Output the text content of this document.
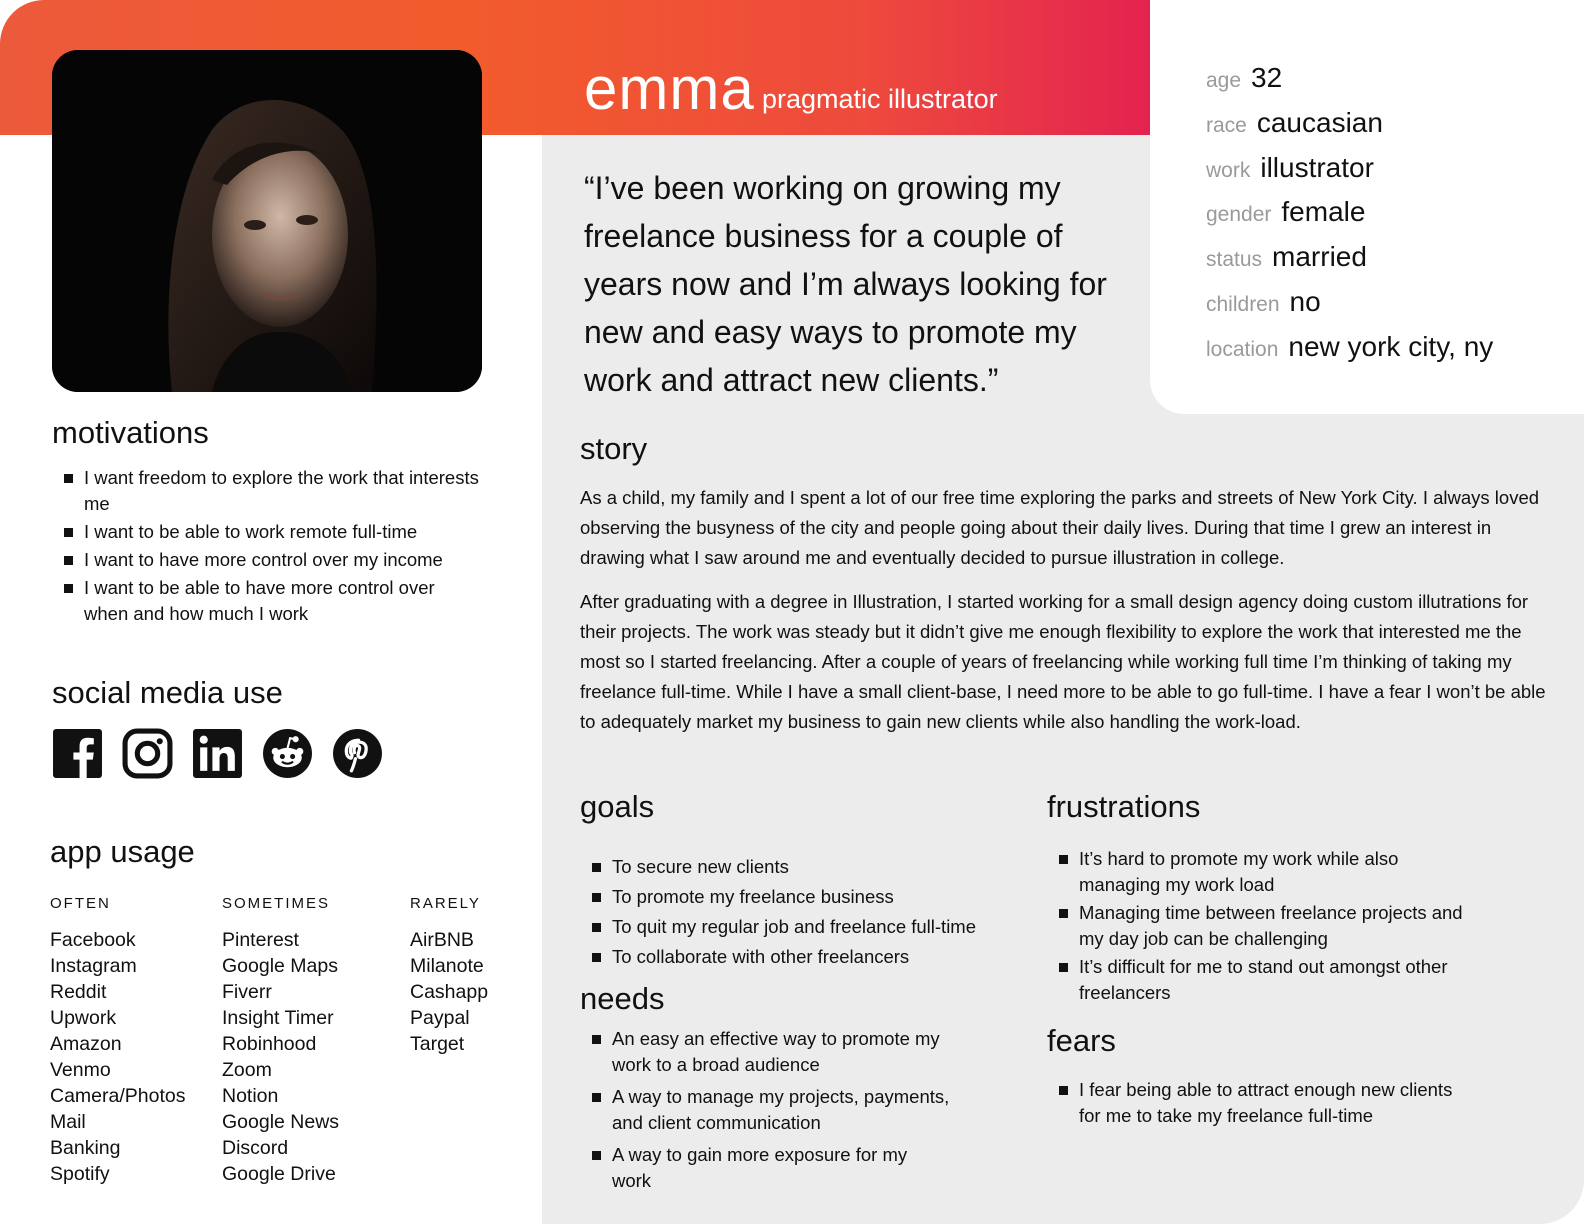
emma pragmatic illustrator
“I’ve been working on growing my freelance business for a couple of years now and I’m always looking for new and easy ways to promote my work and attract new clients.”
age 32
race caucasian
work illustrator
gender female
status married
children no
location new york city, ny
motivations
I want freedom to explore the work that interests me
I want to be able to work remote full-time
I want to have more control over my income
I want to be able to have more control over when and how much I work
social media use
app usage
OFTEN
Facebook
Instagram
Reddit
Upwork
Amazon
Venmo
Camera/Photos
Mail
Banking
Spotify
SOMETIMES
Pinterest
Google Maps
Fiverr
Insight Timer
Robinhood
Zoom
Notion
Google News
Discord
Google Drive
RARELY
AirBNB
Milanote
Cashapp
Paypal
Target
story

As a child, my family and I spent a lot of our free time exploring the parks and streets of New York City. I always loved observing the busyness of the city and people going about their daily lives. During that time I grew an interest in drawing what I saw around me and eventually decided to pursue illustration in college.

After graduating with a degree in Illustration, I started working for a small design agency doing custom illutrations for their projects. The work was steady but it didn’t give me enough flexibility to explore the work that interested me the most so I started freelancing. After a couple of years of freelancing while working full time I’m thinking of taking my freelance full-time. While I have a small client-base, I need more to be able to go full-time. I have a fear I won’t be able to adequately market my business to gain new clients while also handling the work-load.

goals
To secure new clients
To promote my freelance business
To quit my regular job and freelance full-time
To collaborate with other freelancers
needs
An easy an effective way to promote my work to a broad audience
A way to manage my projects, payments, and client communication
A way to gain more exposure for my work
frustrations
It’s hard to promote my work while also managing my work load
Managing time between freelance projects and my day job can be challenging
It’s difficult for me to stand out amongst other freelancers
fears
I fear being able to attract enough new clients for me to take my freelance full-time
